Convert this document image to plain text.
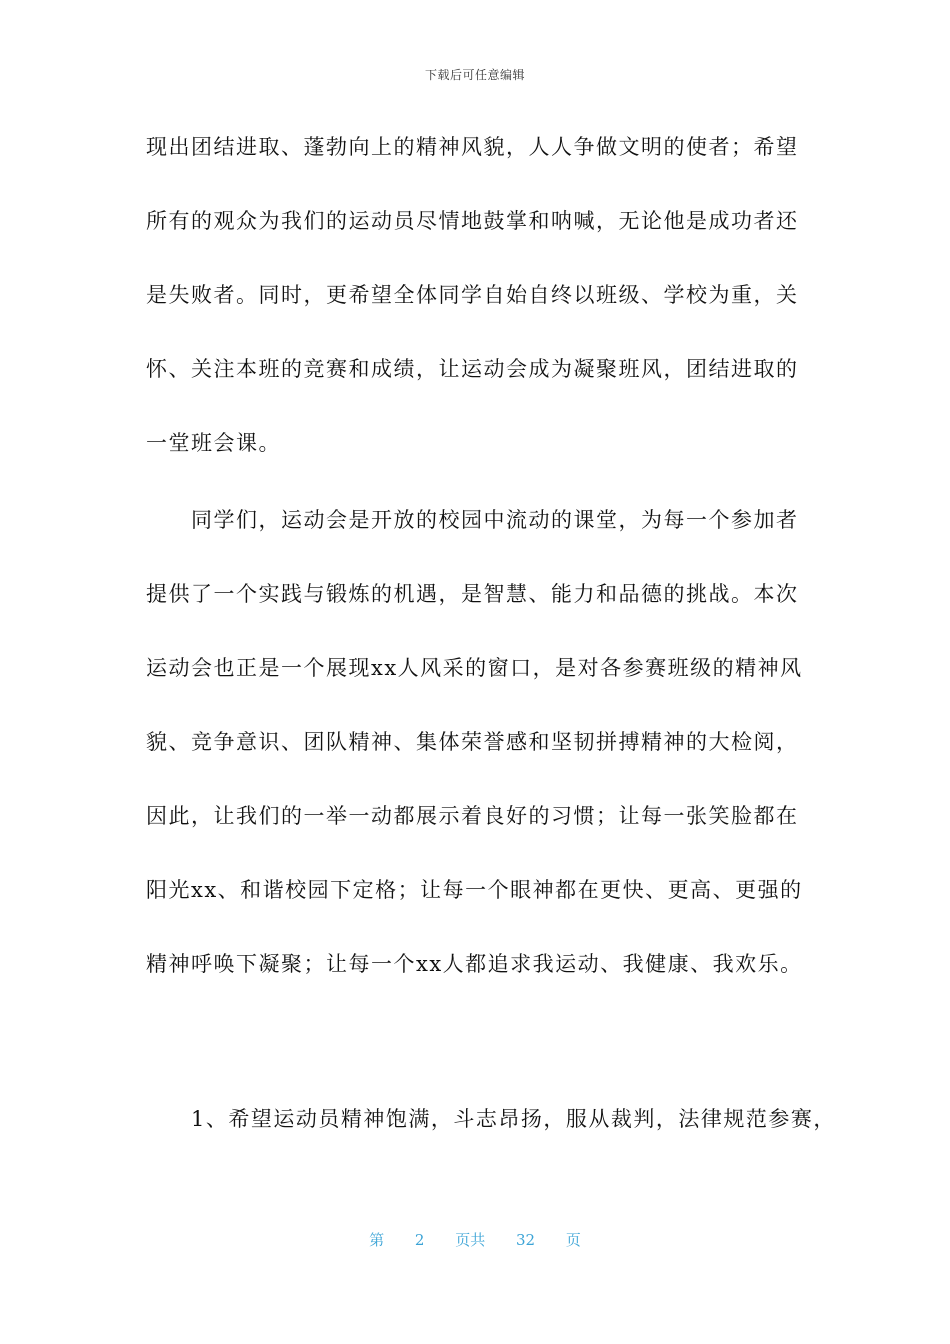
下载后可任意编辑
现出团结进取、蓬勃向上的精神风貌，人人争做文明的使者；希望
所有的观众为我们的运动员尽情地鼓掌和呐喊，无论他是成功者还
是失败者。同时，更希望全体同学自始自终以班级、学校为重，关
怀、关注本班的竞赛和成绩，让运动会成为凝聚班风，团结进取的
一堂班会课。
　　同学们，运动会是开放的校园中流动的课堂，为每一个参加者
提供了一个实践与锻炼的机遇，是智慧、能力和品德的挑战。本次
运动会也正是一个展现xx人风采的窗口，是对各参赛班级的精神风
貌、竞争意识、团队精神、集体荣誉感和坚韧拼搏精神的大检阅，
因此，让我们的一举一动都展示着良好的习惯；让每一张笑脸都在
阳光xx、和谐校园下定格；让每一个眼神都在更快、更高、更强的
精神呼唤下凝聚；让每一个xx人都追求我运动、我健康、我欢乐。
　　1、希望运动员精神饱满，斗志昂扬，服从裁判，法律规范参赛，
第 2 页共 32 页
